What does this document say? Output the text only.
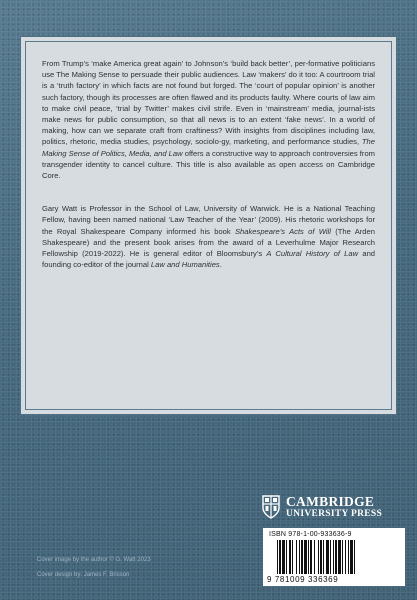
From Trump’s ‘make America great again’ to Johnson’s ‘build back better’, per-formative politicians use The Making Sense to persuade their public audiences. Law ‘makers’ do it too: A courtroom trial is a ‘truth factory’ in which facts are not found but forged. The ‘court of popular opinion’ is another such factory, though its processes are often flawed and its products faulty. Where courts of law aim to make civil peace, ‘trial by Twitter’ makes civil strife. Even in ‘mainstream’ media, journal-ists make news for public consumption, so that all news is to an extent ‘fake news’. In a world of making, how can we separate craft from craftiness? With insights from disciplines including law, politics, rhetoric, media studies, psychology, sociolo-gy, marketing, and performance studies, The Making Sense of Politics, Media, and Law offers a constructive way to approach controversies from transgender identity to cancel culture. This title is also available as open access on Cambridge Core.

Gary Watt is Professor in the School of Law, University of Warwick. He is a National Teaching Fellow, having been named national ‘Law Teacher of the Year’ (2009). His rhetoric workshops for the Royal Shakespeare Company informed his book Shakespeare’s Acts of Will (The Arden Shakespeare) and the present book arises from the award of a Leverhulme Major Research Fellowship (2019-2022). He is general editor of Bloomsbury’s A Cultural History of Law and founding co-editor of the journal Law and Humanities.

Cover image by the author © G. Watt 2023
Cover design by: James F. Brisson
CAMBRIDGE
UNIVERSITY PRESS
ISBN 978-1-00-933636-9
9 781009 336369
